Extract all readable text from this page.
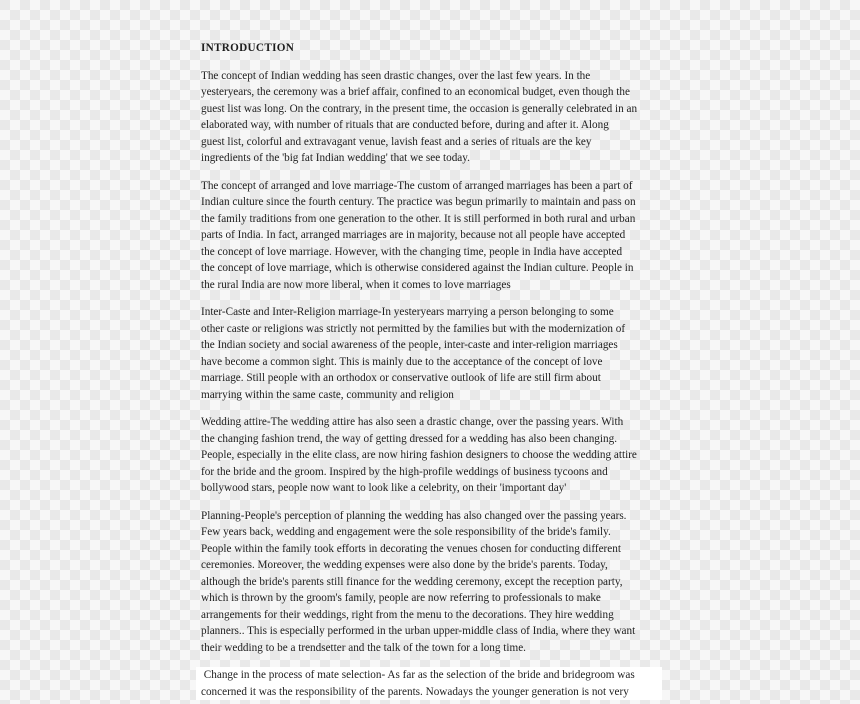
INTRODUCTION
The concept of Indian wedding has seen drastic changes, over the last few years. In the
yesteryears, the ceremony was a brief affair, confined to an economical budget, even though the
guest list was long. On the contrary, in the present time, the occasion is generally celebrated in an
elaborated way, with number of rituals that are conducted before, during and after it. Along
guest list, colorful and extravagant venue, lavish feast and a series of rituals are the key
ingredients of the 'big fat Indian wedding' that we see today.
The concept of arranged and love marriage-The custom of arranged marriages has been a part of
Indian culture since the fourth century. The practice was begun primarily to maintain and pass on
the family traditions from one generation to the other. It is still performed in both rural and urban
parts of India. In fact, arranged marriages are in majority, because not all people have accepted
the concept of love marriage. However, with the changing time, people in India have accepted
the concept of love marriage, which is otherwise considered against the Indian culture. People in
the rural India are now more liberal, when it comes to love marriages
Inter-Caste and Inter-Religion marriage-In yesteryears marrying a person belonging to some
other caste or religions was strictly not permitted by the families but with the modernization of
the Indian society and social awareness of the people, inter-caste and inter-religion marriages
have become a common sight. This is mainly due to the acceptance of the concept of love
marriage. Still people with an orthodox or conservative outlook of life are still firm about
marrying within the same caste, community and religion
Wedding attire-The wedding attire has also seen a drastic change, over the passing years. With
the changing fashion trend, the way of getting dressed for a wedding has also been changing.
People, especially in the elite class, are now hiring fashion designers to choose the wedding attire
for the bride and the groom. Inspired by the high-profile weddings of business tycoons and
bollywood stars, people now want to look like a celebrity, on their 'important day'
Planning-People's perception of planning the wedding has also changed over the passing years.
Few years back, wedding and engagement were the sole responsibility of the bride's family.
People within the family took efforts in decorating the venues chosen for conducting different
ceremonies. Moreover, the wedding expenses were also done by the bride's parents. Today,
although the bride's parents still finance for the wedding ceremony, except the reception party,
which is thrown by the groom's family, people are now referring to professionals to make
arrangements for their weddings, right from the menu to the decorations. They hire wedding
planners.. This is especially performed in the urban upper-middle class of India, where they want
their wedding to be a trendsetter and the talk of the town for a long time.
Change in the process of mate selection- As far as the selection of the bride and bridegroom was
concerned it was the responsibility of the parents. Nowadays the younger generation is not very
